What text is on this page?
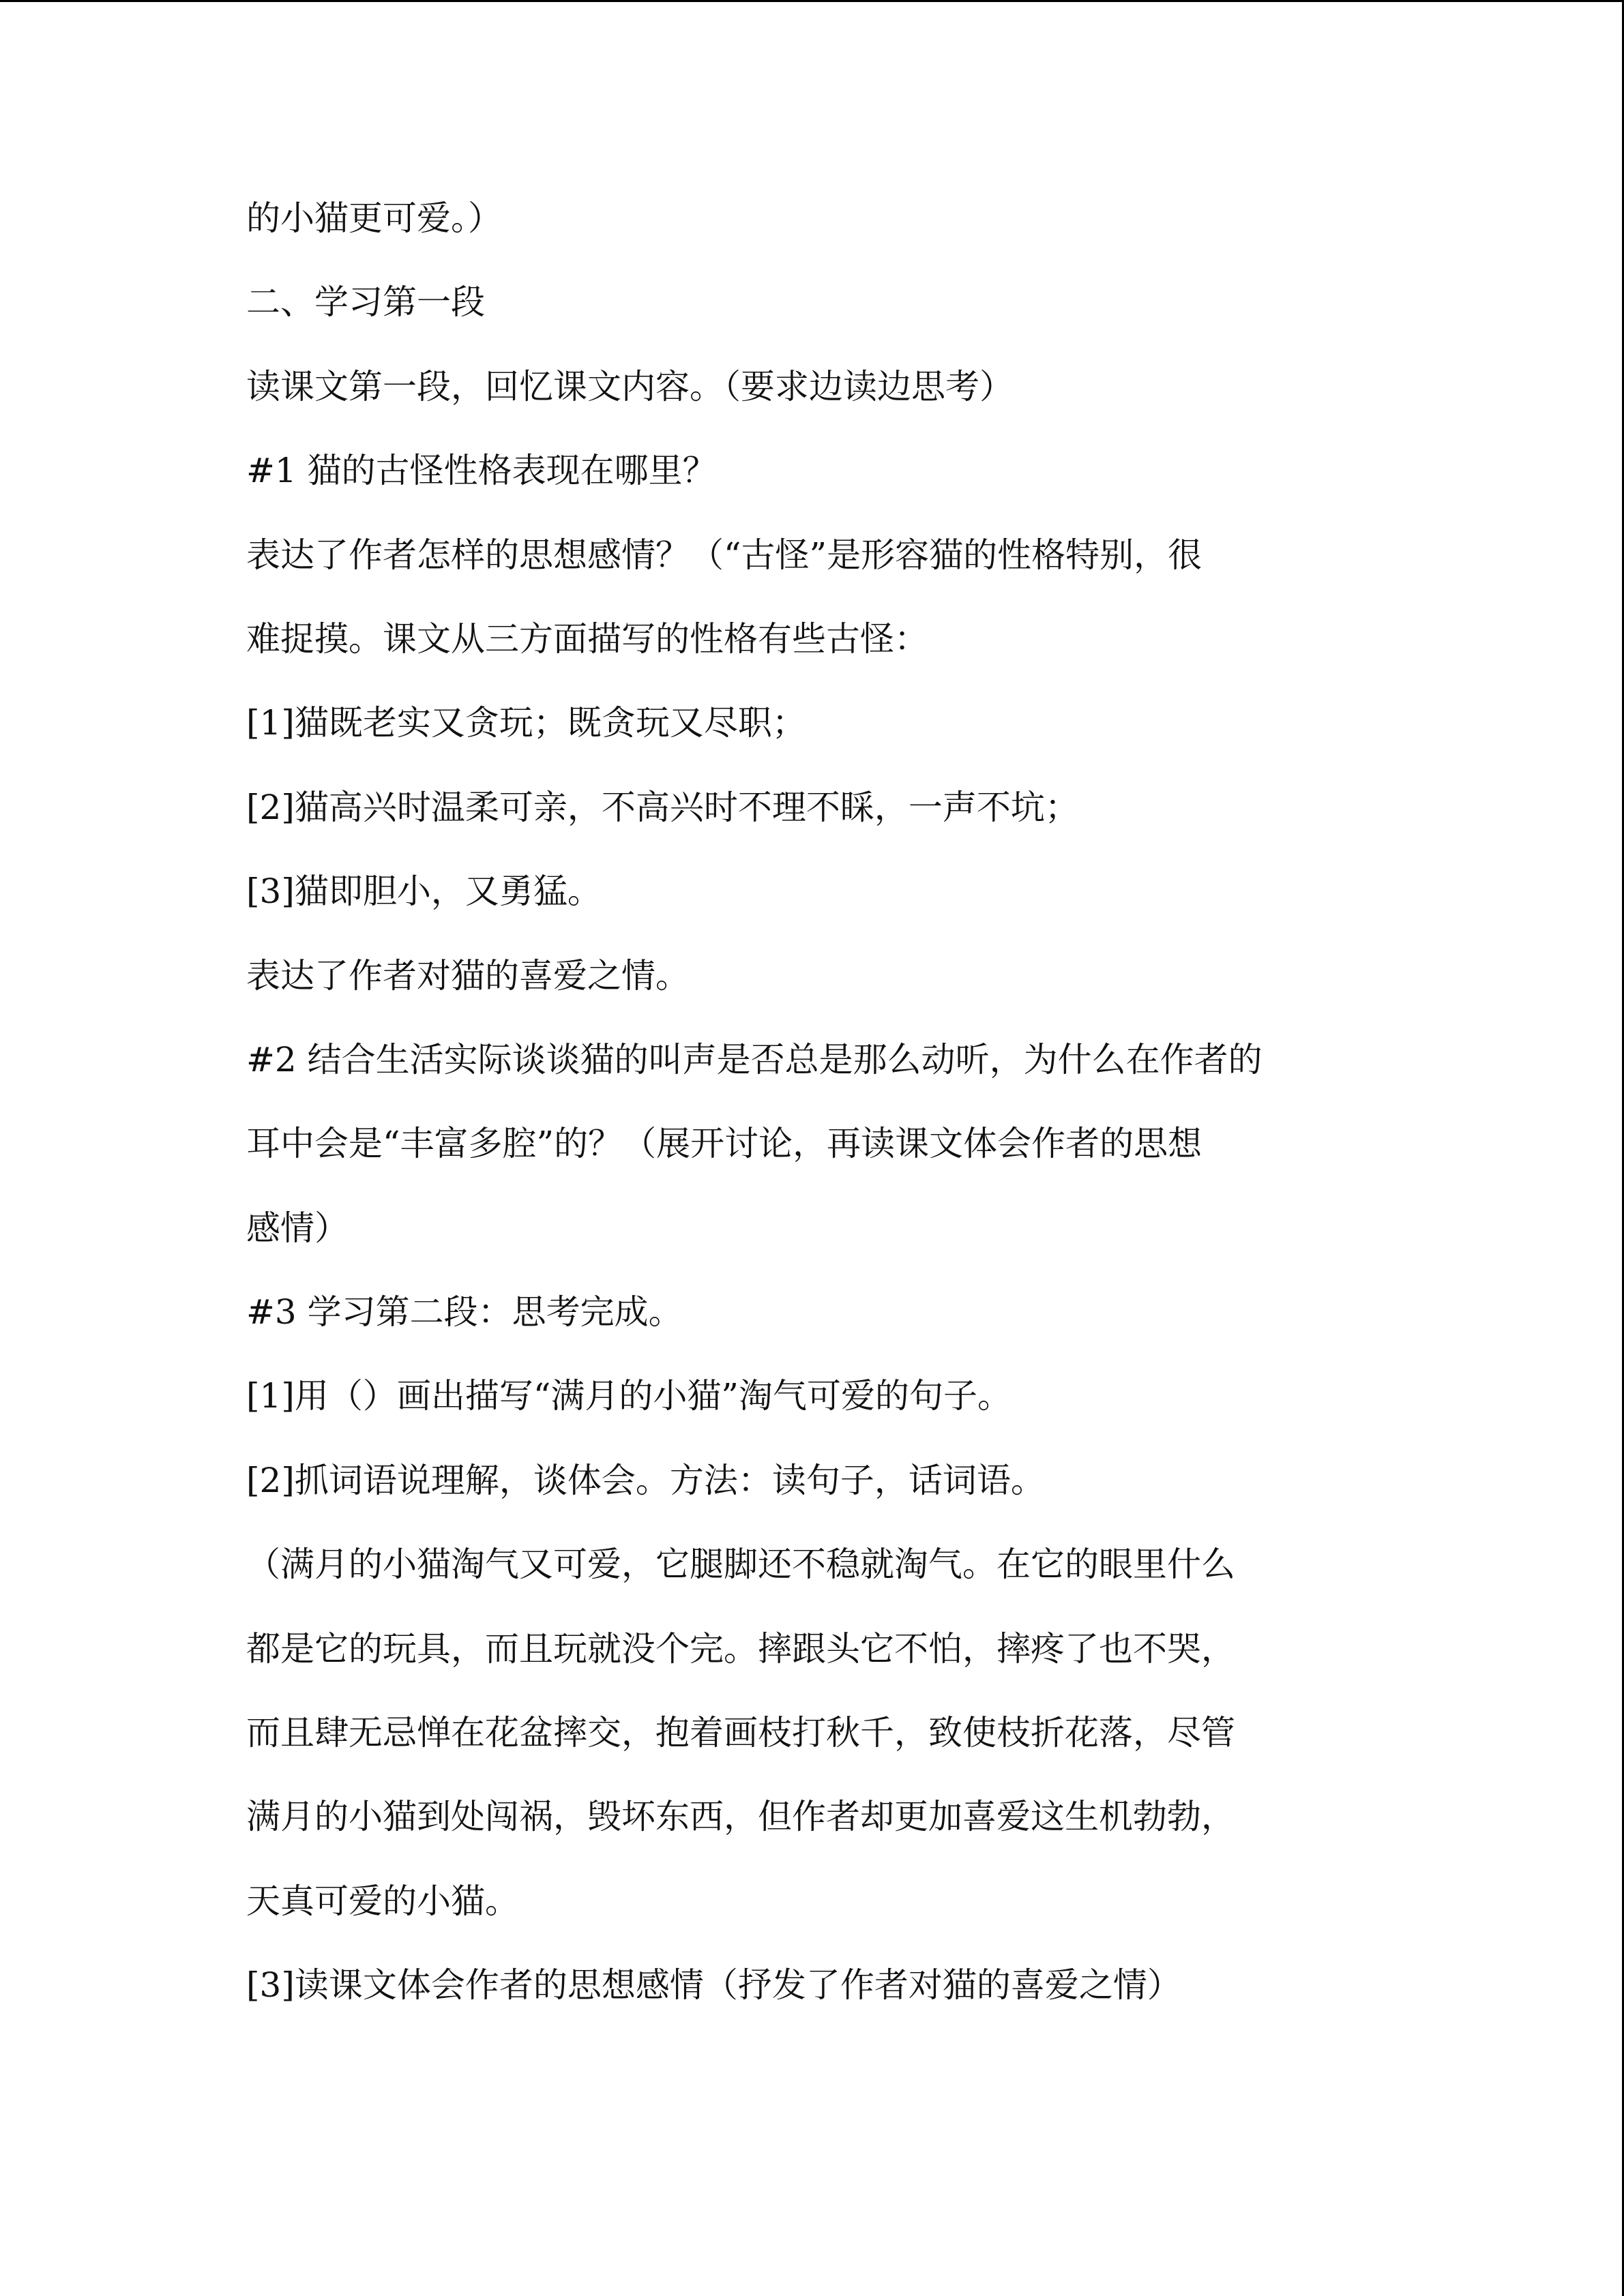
的小猫更可爱。）
二、学习第一段
读课文第一段，回忆课文内容。（要求边读边思考）
#1 猫的古怪性格表现在哪里？
表达了作者怎样的思想感情？（“古怪”是形容猫的性格特别，很
难捉摸。课文从三方面描写的性格有些古怪：
[1]猫既老实又贪玩；既贪玩又尽职；
[2]猫高兴时温柔可亲，不高兴时不理不睬，一声不坑；
[3]猫即胆小，又勇猛。
表达了作者对猫的喜爱之情。
#2 结合生活实际谈谈猫的叫声是否总是那么动听，为什么在作者的
耳中会是“丰富多腔”的？（展开讨论，再读课文体会作者的思想
感情）
#3 学习第二段：思考完成。
[1]用（）画出描写“满月的小猫”淘气可爱的句子。
[2]抓词语说理解，谈体会。方法：读句子，话词语。
（满月的小猫淘气又可爱，它腿脚还不稳就淘气。在它的眼里什么
都是它的玩具，而且玩就没个完。摔跟头它不怕，摔疼了也不哭，
而且肆无忌惮在花盆摔交，抱着画枝打秋千，致使枝折花落，尽管
满月的小猫到处闯祸，毁坏东西，但作者却更加喜爱这生机勃勃，
天真可爱的小猫。
[3]读课文体会作者的思想感情（抒发了作者对猫的喜爱之情）
